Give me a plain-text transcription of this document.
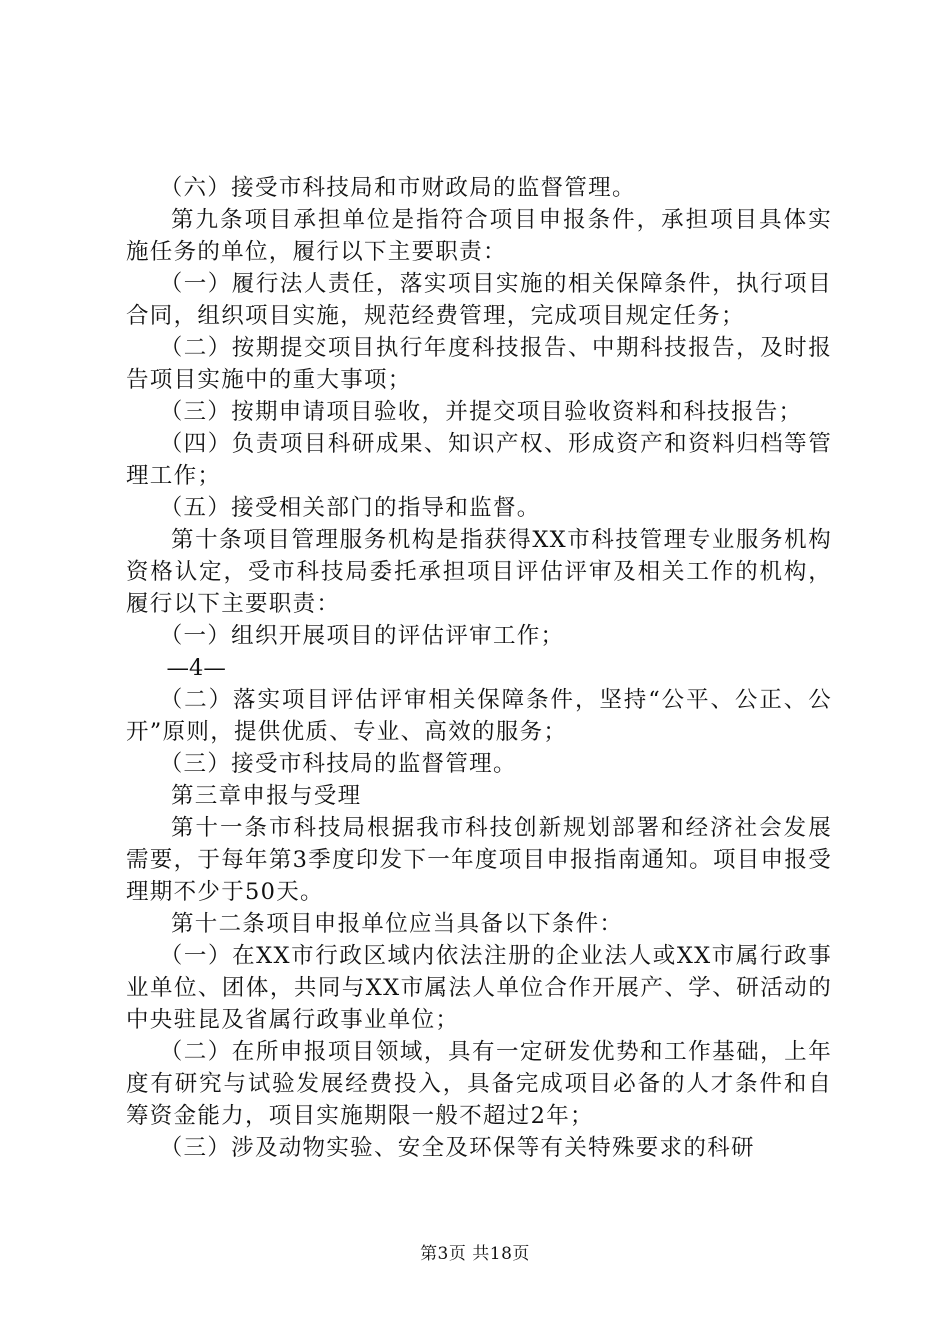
（六）接受市科技局和市财政局的监督管理。

第九条项目承担单位是指符合项目申报条件，承担项目具体实施任务的单位，履行以下主要职责：

（一）履行法人责任，落实项目实施的相关保障条件，执行项目合同，组织项目实施，规范经费管理，完成项目规定任务；

（二）按期提交项目执行年度科技报告、中期科技报告，及时报告项目实施中的重大事项；

（三）按期申请项目验收，并提交项目验收资料和科技报告；

（四）负责项目科研成果、知识产权、形成资产和资料归档等管理工作；

（五）接受相关部门的指导和监督。

第十条项目管理服务机构是指获得XX市科技管理专业服务机构资格认定，受市科技局委托承担项目评估评审及相关工作的机构，履行以下主要职责：

（一）组织开展项目的评估评审工作；

—4—

（二）落实项目评估评审相关保障条件，坚持“公平、公正、公开”原则，提供优质、专业、高效的服务；

（三）接受市科技局的监督管理。

第三章申报与受理

第十一条市科技局根据我市科技创新规划部署和经济社会发展需要，于每年第3季度印发下一年度项目申报指南通知。项目申报受理期不少于50天。

第十二条项目申报单位应当具备以下条件：

（一）在XX市行政区域内依法注册的企业法人或XX市属行政事业单位、团体，共同与XX市属法人单位合作开展产、学、研活动的中央驻昆及省属行政事业单位；

（二）在所申报项目领域，具有一定研发优势和工作基础，上年度有研究与试验发展经费投入，具备完成项目必备的人才条件和自筹资金能力，项目实施期限一般不超过2年；

（三）涉及动物实验、安全及环保等有关特殊要求的科研

第3页 共18页
